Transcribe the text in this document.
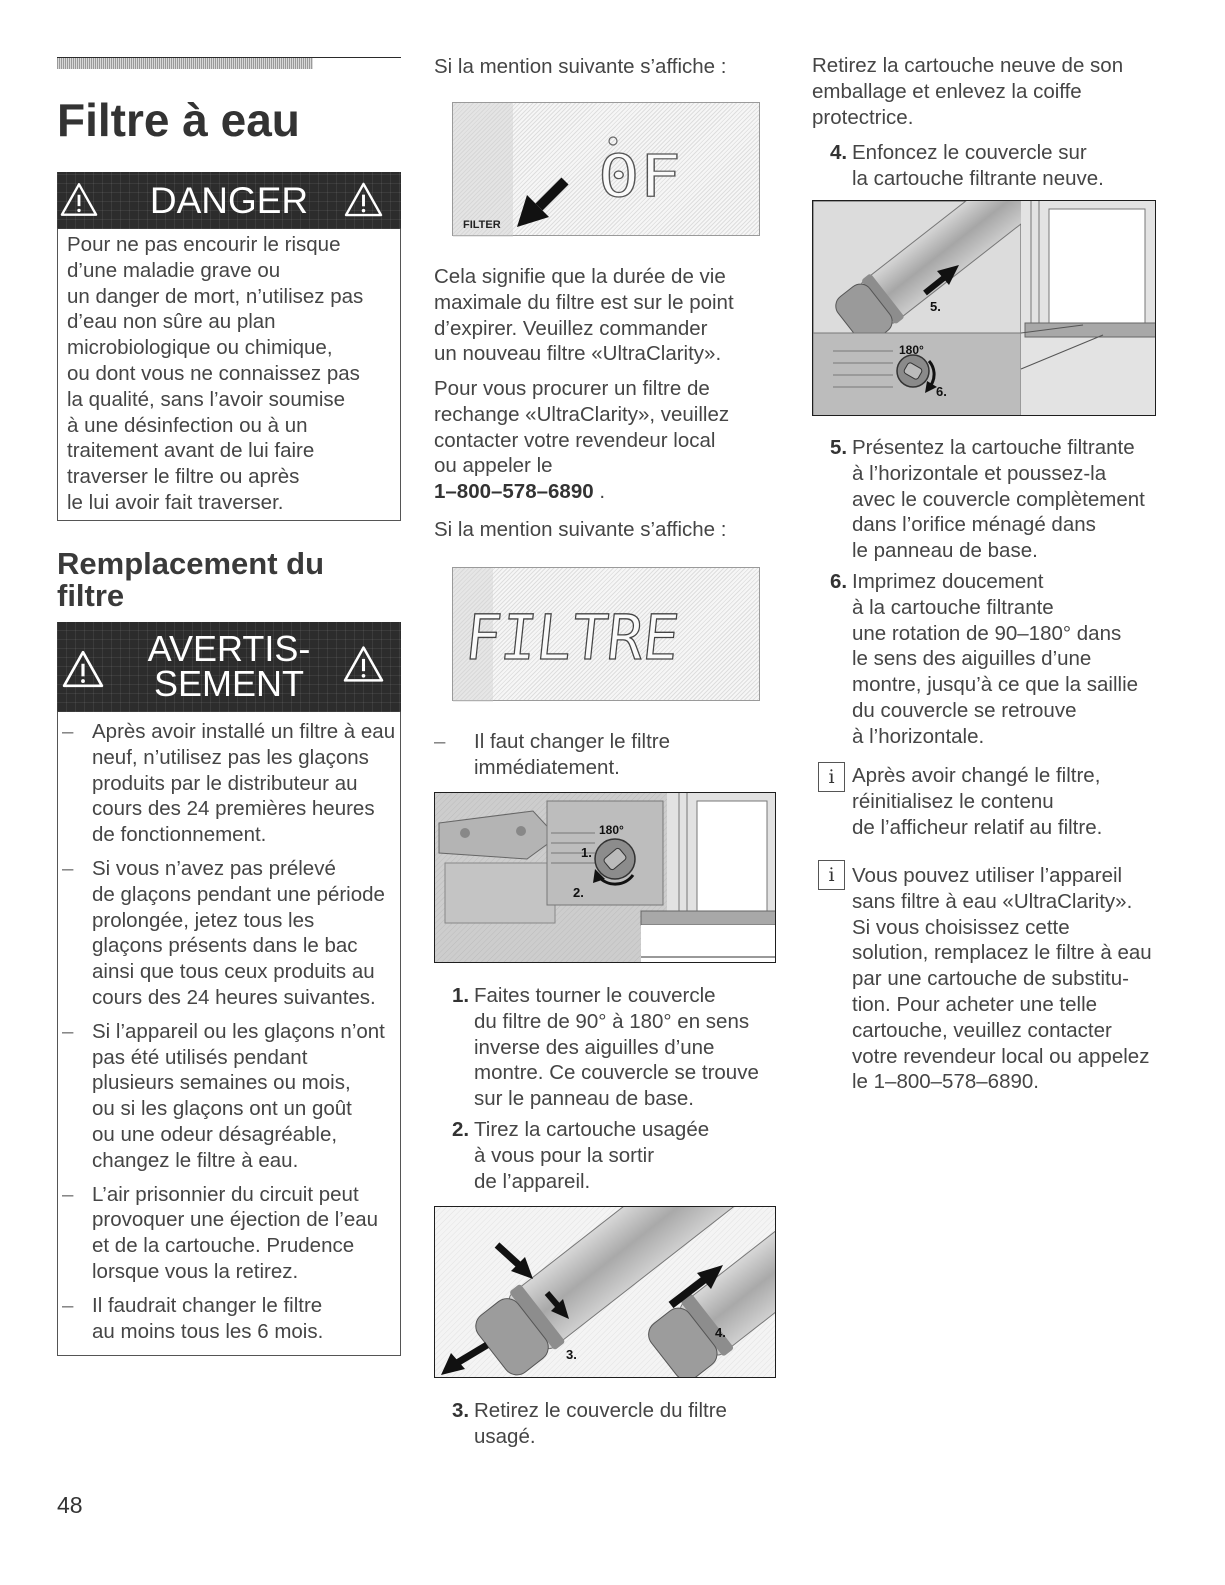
Filtre à eau
DANGER

Pour ne pas encourir le risque
d’une maladie grave ou
un danger de mort, n’utilisez pas
d’eau non sûre au plan
microbiologique ou chimique,
ou dont vous ne connaissez pas
la qualité, sans l’avoir soumise
à une désinfection ou à un
traitement avant de lui faire
traverser le filtre ou après
le lui avoir fait traverser.

Remplacement du
filtre
AVERTIS-
SEMENT
– Après avoir installé un filtre à eau
neuf, n’utilisez pas les glaçons
produits par le distributeur au
cours des 24 premières heures
de fonctionnement.

– Si vous n’avez pas prélevé
de glaçons pendant une période
prolongée, jetez tous les
glaçons présents dans le bac
ainsi que tous ceux produits au
cours des 24 heures suivantes.

– Si l’appareil ou les glaçons n’ont
pas été utilisés pendant
plusieurs semaines ou mois,
ou si les glaçons ont un goût
ou une odeur désagréable,
changez le filtre à eau.

– L’air prisonnier du circuit peut
provoquer une éjection de l’eau
et de la cartouche. Prudence
lorsque vous la retirez.

– Il faudrait changer le filtre
au moins tous les 6 mois.

48

Si la mention suivante s’affiche :

0F
FILTER

Cela signifie que la durée de vie
maximale du filtre est sur le point
d’expirer. Veuillez commander
un nouveau filtre «UltraClarity».

Pour vous procurer un filtre de
rechange «UltraClarity», veuillez
contacter votre revendeur local
ou appeler le

1–800–578–6890 .

Si la mention suivante s’affiche :

FILTRE
– Il faut changer le filtre
immédiatement.

180°
1.
2.
1. Faites tourner le couvercle
du filtre de 90° à 180° en sens
inverse des aiguilles d’une
montre. Ce couvercle se trouve
sur le panneau de base.

2. Tirez la cartouche usagée
à vous pour la sortir
de l’appareil.

3.
4.
3. Retirez le couvercle du filtre
usagé.

Retirez la cartouche neuve de son
emballage et enlevez la coiffe
protectrice.

4. Enfoncez le couvercle sur
la cartouche filtrante neuve.

5.
180°
6.
5. Présentez la cartouche filtrante
à l’horizontale et poussez-la
avec le couvercle complètement
dans l’orifice ménagé dans
le panneau de base.

6. Imprimez doucement
à la cartouche filtrante
une rotation de 90–180° dans
le sens des aiguilles d’une
montre, jusqu’à ce que la saillie
du couvercle se retrouve
à l’horizontale.

i Après avoir changé le filtre,
réinitialisez le contenu
de l’afficheur relatif au filtre.

i Vous pouvez utiliser l’appareil
sans filtre à eau «UltraClarity».
Si vous choisissez cette
solution, remplacez le filtre à eau
par une cartouche de substitu-
tion. Pour acheter une telle
cartouche, veuillez contacter
votre revendeur local ou appelez
le 1–800–578–6890.
